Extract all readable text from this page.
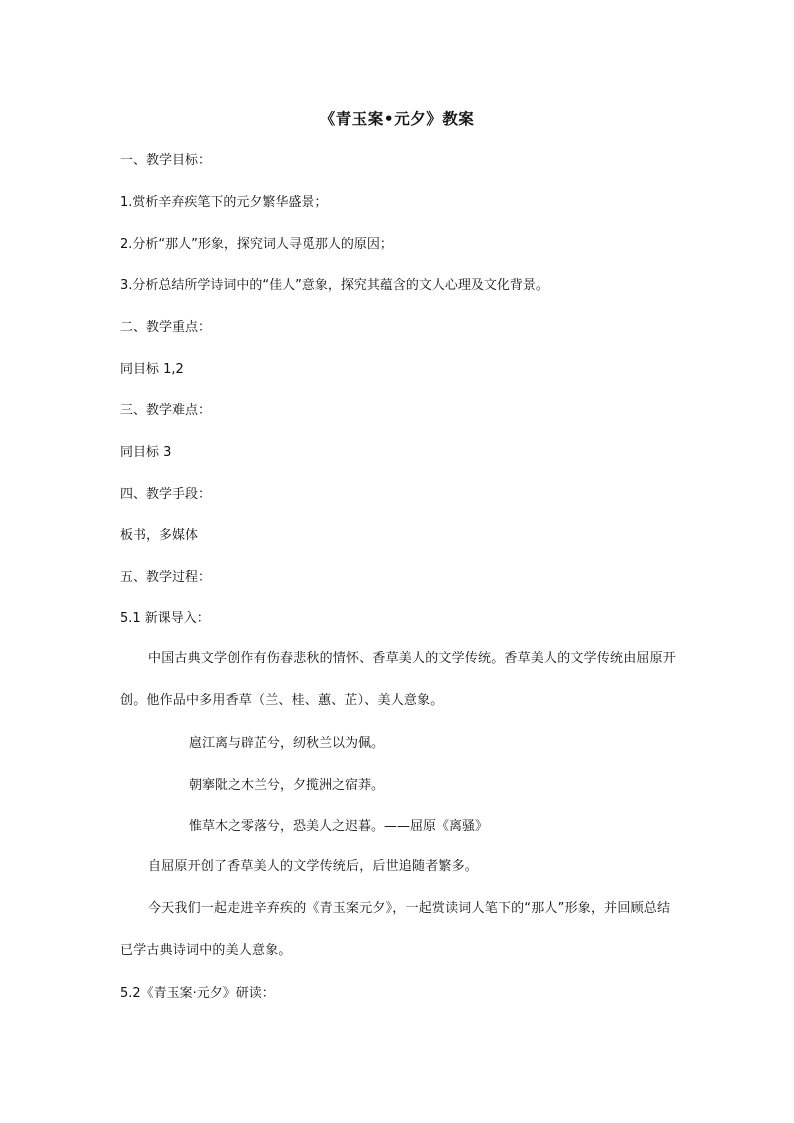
《青玉案•元夕》教案
一、教学目标：
1.赏析辛弃疾笔下的元夕繁华盛景；
2.分析“那人”形象，探究词人寻觅那人的原因；
3.分析总结所学诗词中的“佳人”意象，探究其蕴含的文人心理及文化背景。
二、教学重点：
同目标 1,2
三、教学难点：
同目标 3
四、教学手段：
板书，多媒体
五、教学过程：
5.1 新课导入：
中国古典文学创作有伤春悲秋的情怀、香草美人的文学传统。香草美人的文学传统由屈原开创。他作品中多用香草（兰、桂、蕙、芷）、美人意象。
扈江离与辟芷兮，纫秋兰以为佩。
朝搴阰之木兰兮，夕揽洲之宿莽。
惟草木之零落兮，恐美人之迟暮。——屈原《离骚》
自屈原开创了香草美人的文学传统后，后世追随者繁多。
今天我们一起走进辛弃疾的《青玉案元夕》，一起赏读词人笔下的“那人”形象，并回顾总结已学古典诗词中的美人意象。
5.2《青玉案·元夕》研读：
